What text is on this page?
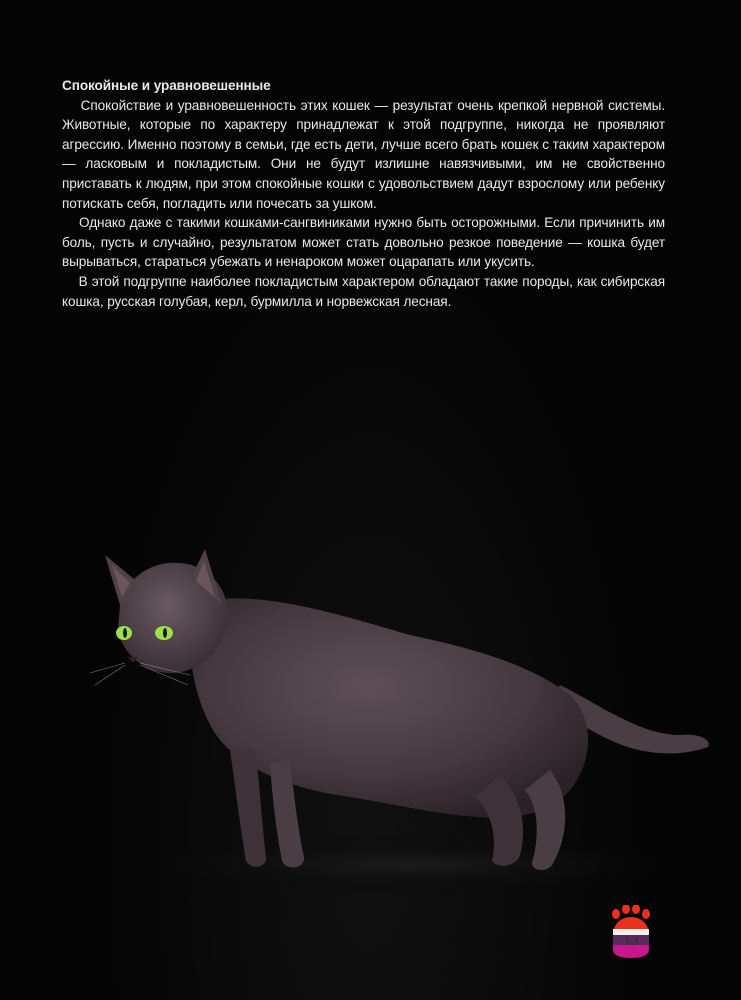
Спокойные и уравновешенные

Спокойствие и уравновешенность этих кошек — результат очень крепкой нервной системы. Животные, которые по характеру принадлежат к этой подгруппе, никогда не проявляют агрессию. Именно поэтому в семьи, где есть дети, лучше всего брать кошек с таким характером — ласковым и покладистым. Они не будут излишне навязчивыми, им не свойственно приставать к людям, при этом спокойные кошки с удовольствием дадут взрослому или ребенку потискать себя, погладить или почесать за ушком.

Однако даже с такими кошками-сангвиниками нужно быть осторожными. Если причинить им боль, пусть и случайно, результатом может стать довольно резкое поведение — кошка будет вырываться, стараться убежать и ненароком может оцарапать или укусить.

В этой подгруппе наиболее покладистым характером обладают такие породы, как сибирская кошка, русская голубая, керл, бурмилла и норвежская лесная.

13
